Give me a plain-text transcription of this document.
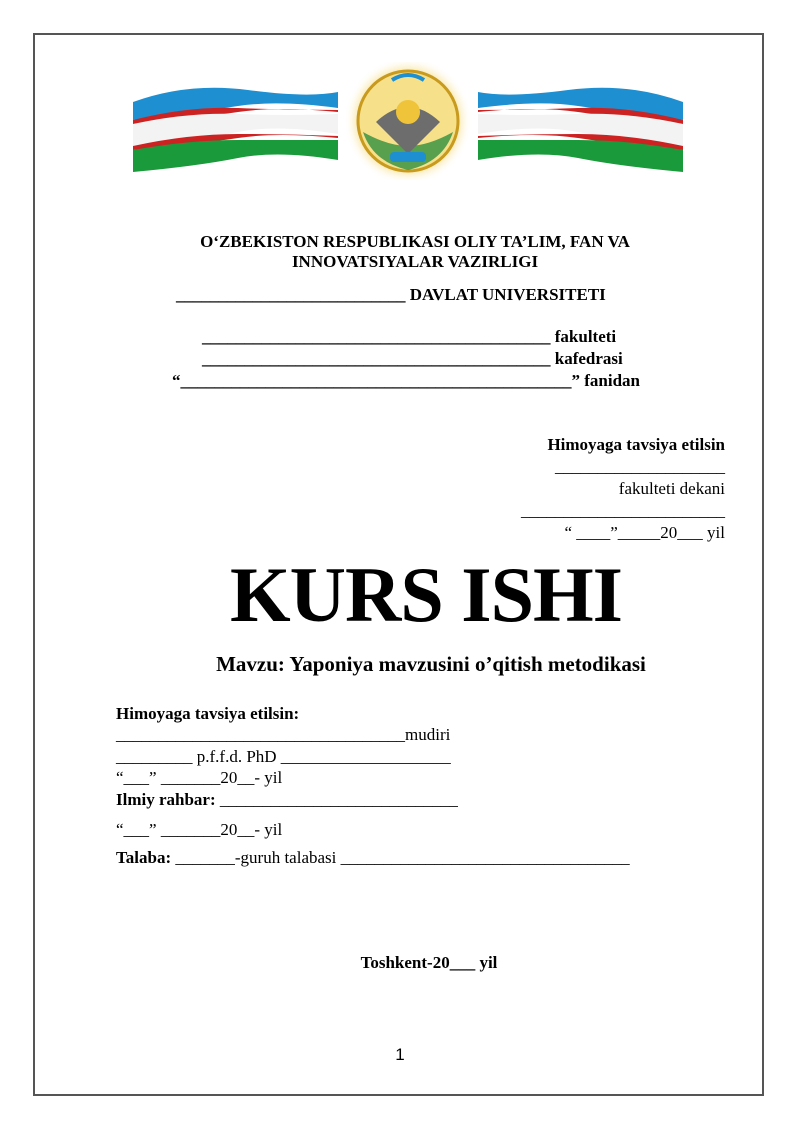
O‘ZBEKISTON RESPUBLIKASI OLIY TA’LIM, FAN VA
INNOVATSIYALAR VAZIRLIGI
___________________________ DAVLAT UNIVERSITETI
_________________________________________ fakulteti
_________________________________________ kafedrasi
“______________________________________________” fanidan
Himoyaga tavsiya etilsin
____________________
fakulteti dekani
________________________
“ ____”_____20___ yil
KURS ISHI
Mavzu: Yaponiya mavzusini o’qitish metodikasi
Himoyaga tavsiya etilsin:
__________________________________mudiri
_________ p.f.f.d. PhD ____________________
“___” _______20__- yil
Ilmiy rahbar: ____________________________
“___” _______20__- yil
Talaba: _______-guruh talabasi __________________________________
Toshkent-20___ yil
1
